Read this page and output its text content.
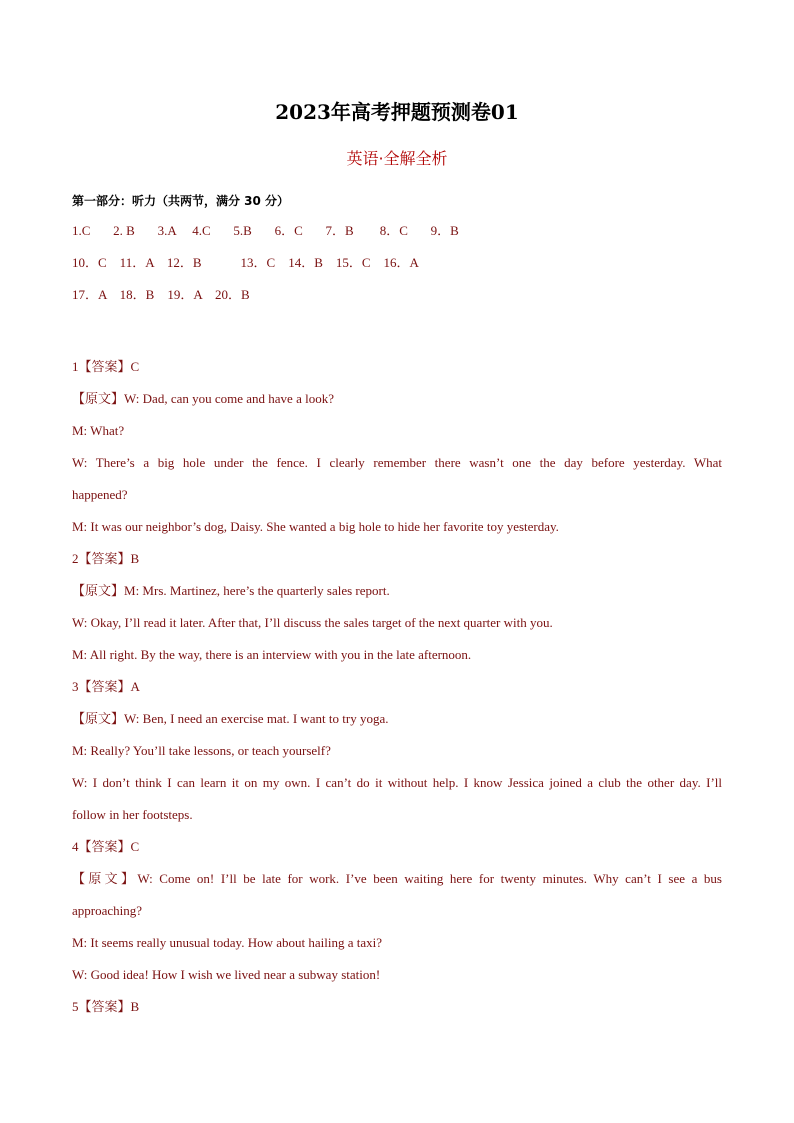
2023年高考押题预测卷01
英语·全解全析
第一部分：听力（共两节，满分 30 分）
1.C       2. B       3.A     4.C       5.B       6．C       7．B        8．C       9．B
10．C    11．A    12．B            13．C    14．B    15．C    16．A
17．A    18．B    19．A    20．B
1【答案】C
【原文】W: Dad, can you come and have a look?
M: What?
W: There’s a big hole under the fence. I clearly remember there wasn’t one the day before yesterday. What
happened?
M: It was our neighbor’s dog, Daisy. She wanted a big hole to hide her favorite toy yesterday.
2【答案】B
【原文】M: Mrs. Martinez, here’s the quarterly sales report.
W: Okay, I’ll read it later. After that, I’ll discuss the sales target of the next quarter with you.
M: All right. By the way, there is an interview with you in the late afternoon.
3【答案】A
【原文】W: Ben, I need an exercise mat. I want to try yoga.
M: Really? You’ll take lessons, or teach yourself?
W: I don’t think I can learn it on my own. I can’t do it without help. I know Jessica joined a club the other day. I’ll
follow in her footsteps.
4【答案】C
【原文】W: Come on! I’ll be late for work. I’ve been waiting here for twenty minutes. Why can’t I see a bus
approaching?
M: It seems really unusual today. How about hailing a taxi?
W: Good idea! How I wish we lived near a subway station!
5【答案】B
